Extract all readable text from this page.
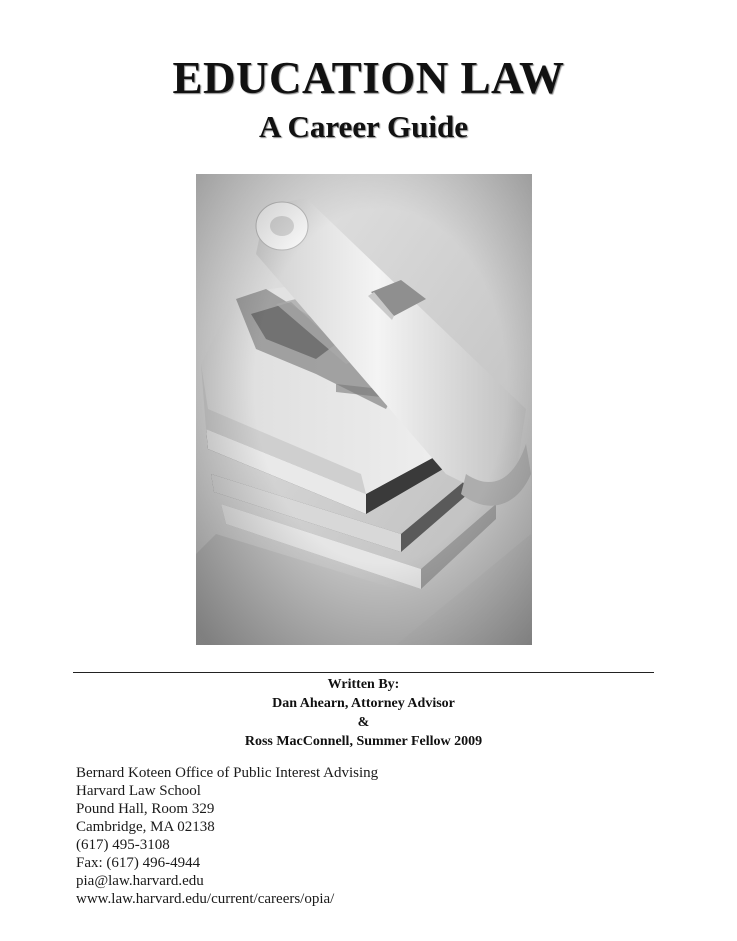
EDUCATION LAW
A Career Guide
Written By:
Dan Ahearn, Attorney Advisor
&
Ross MacConnell, Summer Fellow 2009
Bernard Koteen Office of Public Interest Advising
Harvard Law School
Pound Hall, Room 329
Cambridge, MA 02138
(617) 495-3108
Fax: (617) 496-4944
pia@law.harvard.edu
www.law.harvard.edu/current/careers/opia/
